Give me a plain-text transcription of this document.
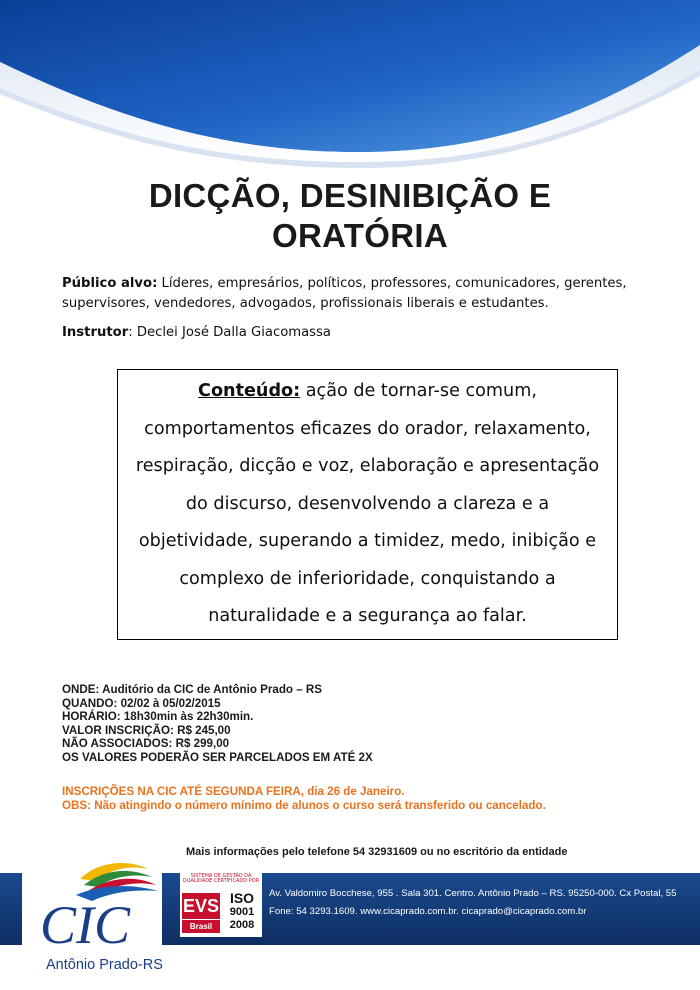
DICÇÃO, DESINIBIÇÃO E
ORATÓRIA
Público alvo: Líderes, empresários, políticos, professores, comunicadores, gerentes, supervisores, vendedores, advogados, profissionais liberais e estudantes.
Instrutor: Declei José Dalla Giacomassa
Conteúdo: ação de tornar-se comum, comportamentos eficazes do orador, relaxamento, respiração, dicção e voz, elaboração e apresentação do discurso, desenvolvendo a clareza e a objetividade, superando a timidez, medo, inibição e complexo de inferioridade, conquistando a naturalidade e a segurança ao falar.
ONDE: Auditório da CIC de Antônio Prado – RS
QUANDO: 02/02 à 05/02/2015
HORÁRIO: 18h30min às 22h30min.
VALOR INSCRIÇÃO: R$ 245,00
NÃO ASSOCIADOS: R$ 299,00
OS VALORES PODERÃO SER PARCELADOS EM ATÉ 2X
INSCRIÇÕES NA CIC ATÉ SEGUNDA FEIRA, dia 26 de Janeiro.
OBS: Não atingindo o número mínimo de alunos o curso será transferido ou cancelado.
Mais informações pelo telefone 54 32931609 ou no escritório da entidade
CIC
Antônio Prado-RS
SISTEMA DE GESTÃO DA QUALIDADE CERTIFICADO POR
EVS
Brasil
ISO
9001
2008
Av. Valdomiro Bocchese, 955 . Sala 301. Centro. Antônio Prado – RS. 95250-000. Cx Postal, 55
Fone: 54 3293.1609. www.cicaprado.com.br. cicaprado@cicaprado.com.br
